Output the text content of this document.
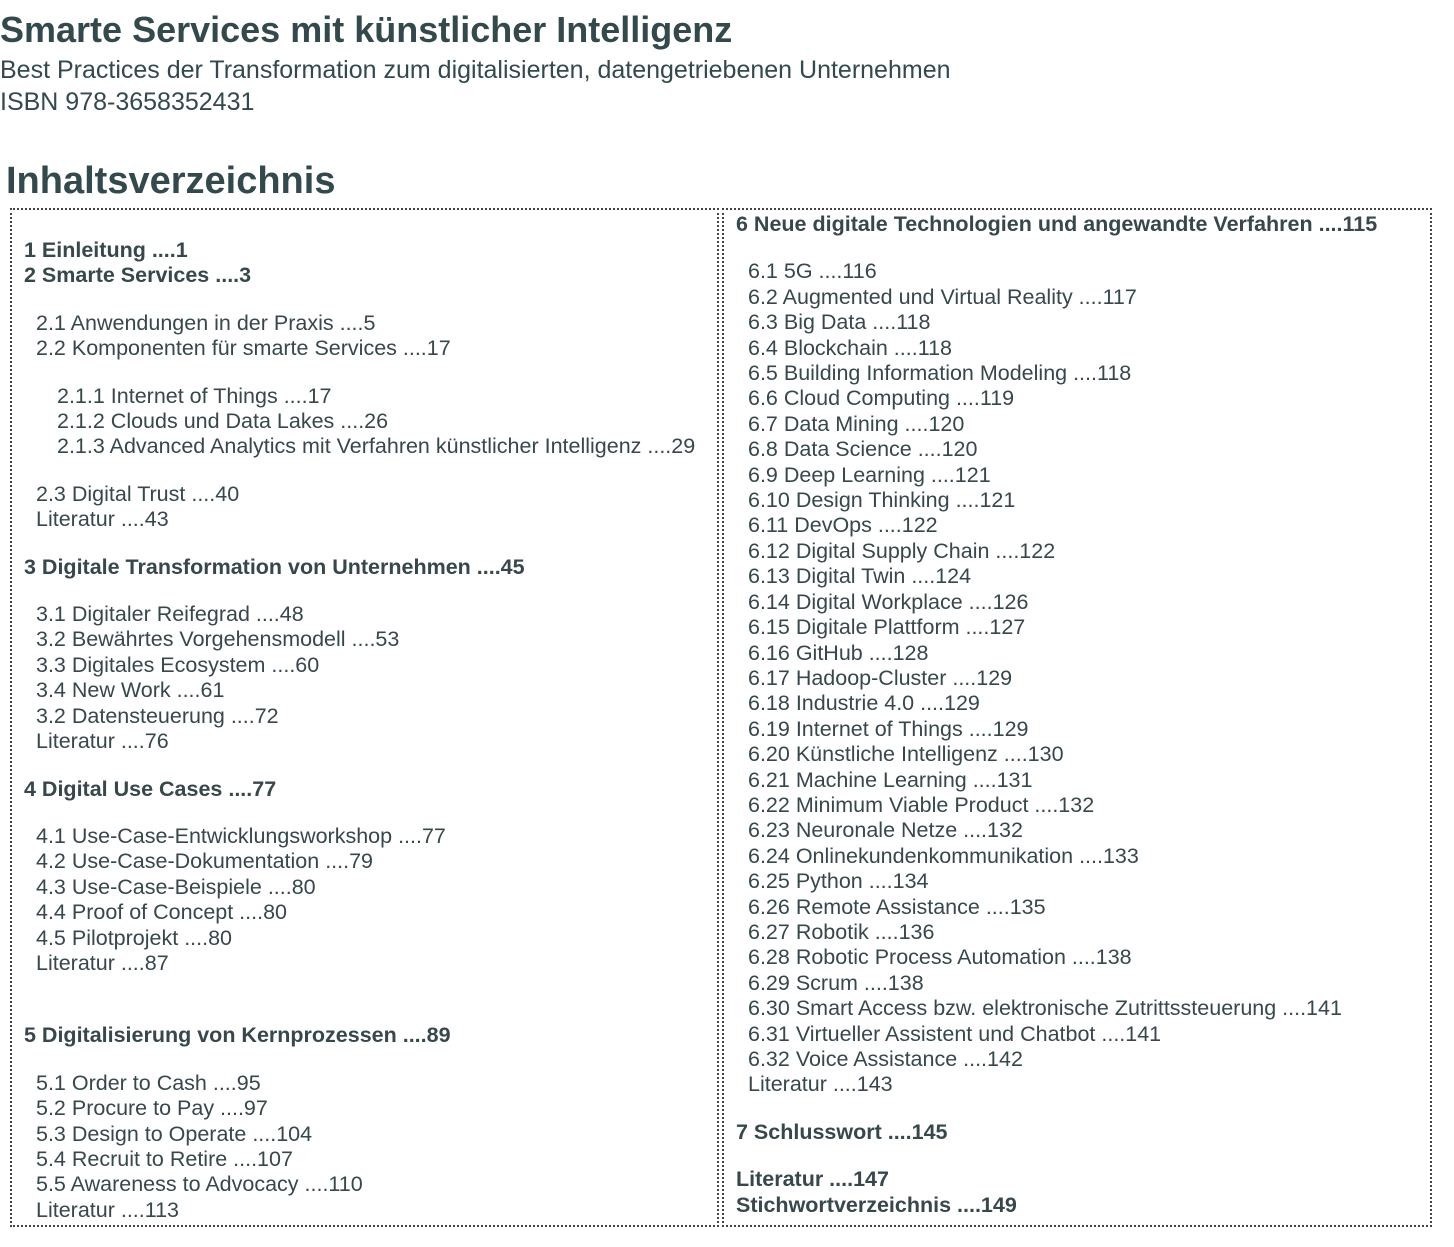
Smarte Services mit künstlicher Intelligenz
Best Practices der Transformation zum digitalisierten, datengetriebenen Unternehmen
ISBN 978-3658352431
Inhaltsverzeichnis
1 Einleitung ....1
2 Smarte Services ....3
2.1 Anwendungen in der Praxis ....5
2.2 Komponenten für smarte Services ....17
2.1.1 Internet of Things ....17
2.1.2 Clouds und Data Lakes ....26
2.1.3 Advanced Analytics mit Verfahren künstlicher Intelligenz ....29
2.3 Digital Trust ....40
Literatur ....43
3 Digitale Transformation von Unternehmen ....45
3.1 Digitaler Reifegrad ....48
3.2 Bewährtes Vorgehensmodell ....53
3.3 Digitales Ecosystem ....60
3.4 New Work ....61
3.2 Datensteuerung ....72
Literatur ....76
4 Digital Use Cases ....77
4.1 Use-Case-Entwicklungsworkshop ....77
4.2 Use-Case-Dokumentation ....79
4.3 Use-Case-Beispiele ....80
4.4 Proof of Concept ....80
4.5 Pilotprojekt ....80
Literatur ....87
5 Digitalisierung von Kernprozessen ....89
5.1 Order to Cash ....95
5.2 Procure to Pay ....97
5.3 Design to Operate ....104
5.4 Recruit to Retire ....107
5.5 Awareness to Advocacy ....110
Literatur ....113
6 Neue digitale Technologien und angewandte Verfahren ....115
6.1 5G ....116
6.2 Augmented und Virtual Reality ....117
6.3 Big Data ....118
6.4 Blockchain ....118
6.5 Building Information Modeling ....118
6.6 Cloud Computing ....119
6.7 Data Mining ....120
6.8 Data Science ....120
6.9 Deep Learning ....121
6.10 Design Thinking ....121
6.11 DevOps ....122
6.12 Digital Supply Chain ....122
6.13 Digital Twin ....124
6.14 Digital Workplace ....126
6.15 Digitale Plattform ....127
6.16 GitHub ....128
6.17 Hadoop-Cluster ....129
6.18 Industrie 4.0 ....129
6.19 Internet of Things ....129
6.20 Künstliche Intelligenz ....130
6.21 Machine Learning ....131
6.22 Minimum Viable Product ....132
6.23 Neuronale Netze ....132
6.24 Onlinekundenkommunikation ....133
6.25 Python ....134
6.26 Remote Assistance ....135
6.27 Robotik ....136
6.28 Robotic Process Automation ....138
6.29 Scrum ....138
6.30 Smart Access bzw. elektronische Zutrittssteuerung ....141
6.31 Virtueller Assistent und Chatbot ....141
6.32 Voice Assistance ....142
Literatur ....143
7 Schlusswort ....145
Literatur ....147
Stichwortverzeichnis ....149
